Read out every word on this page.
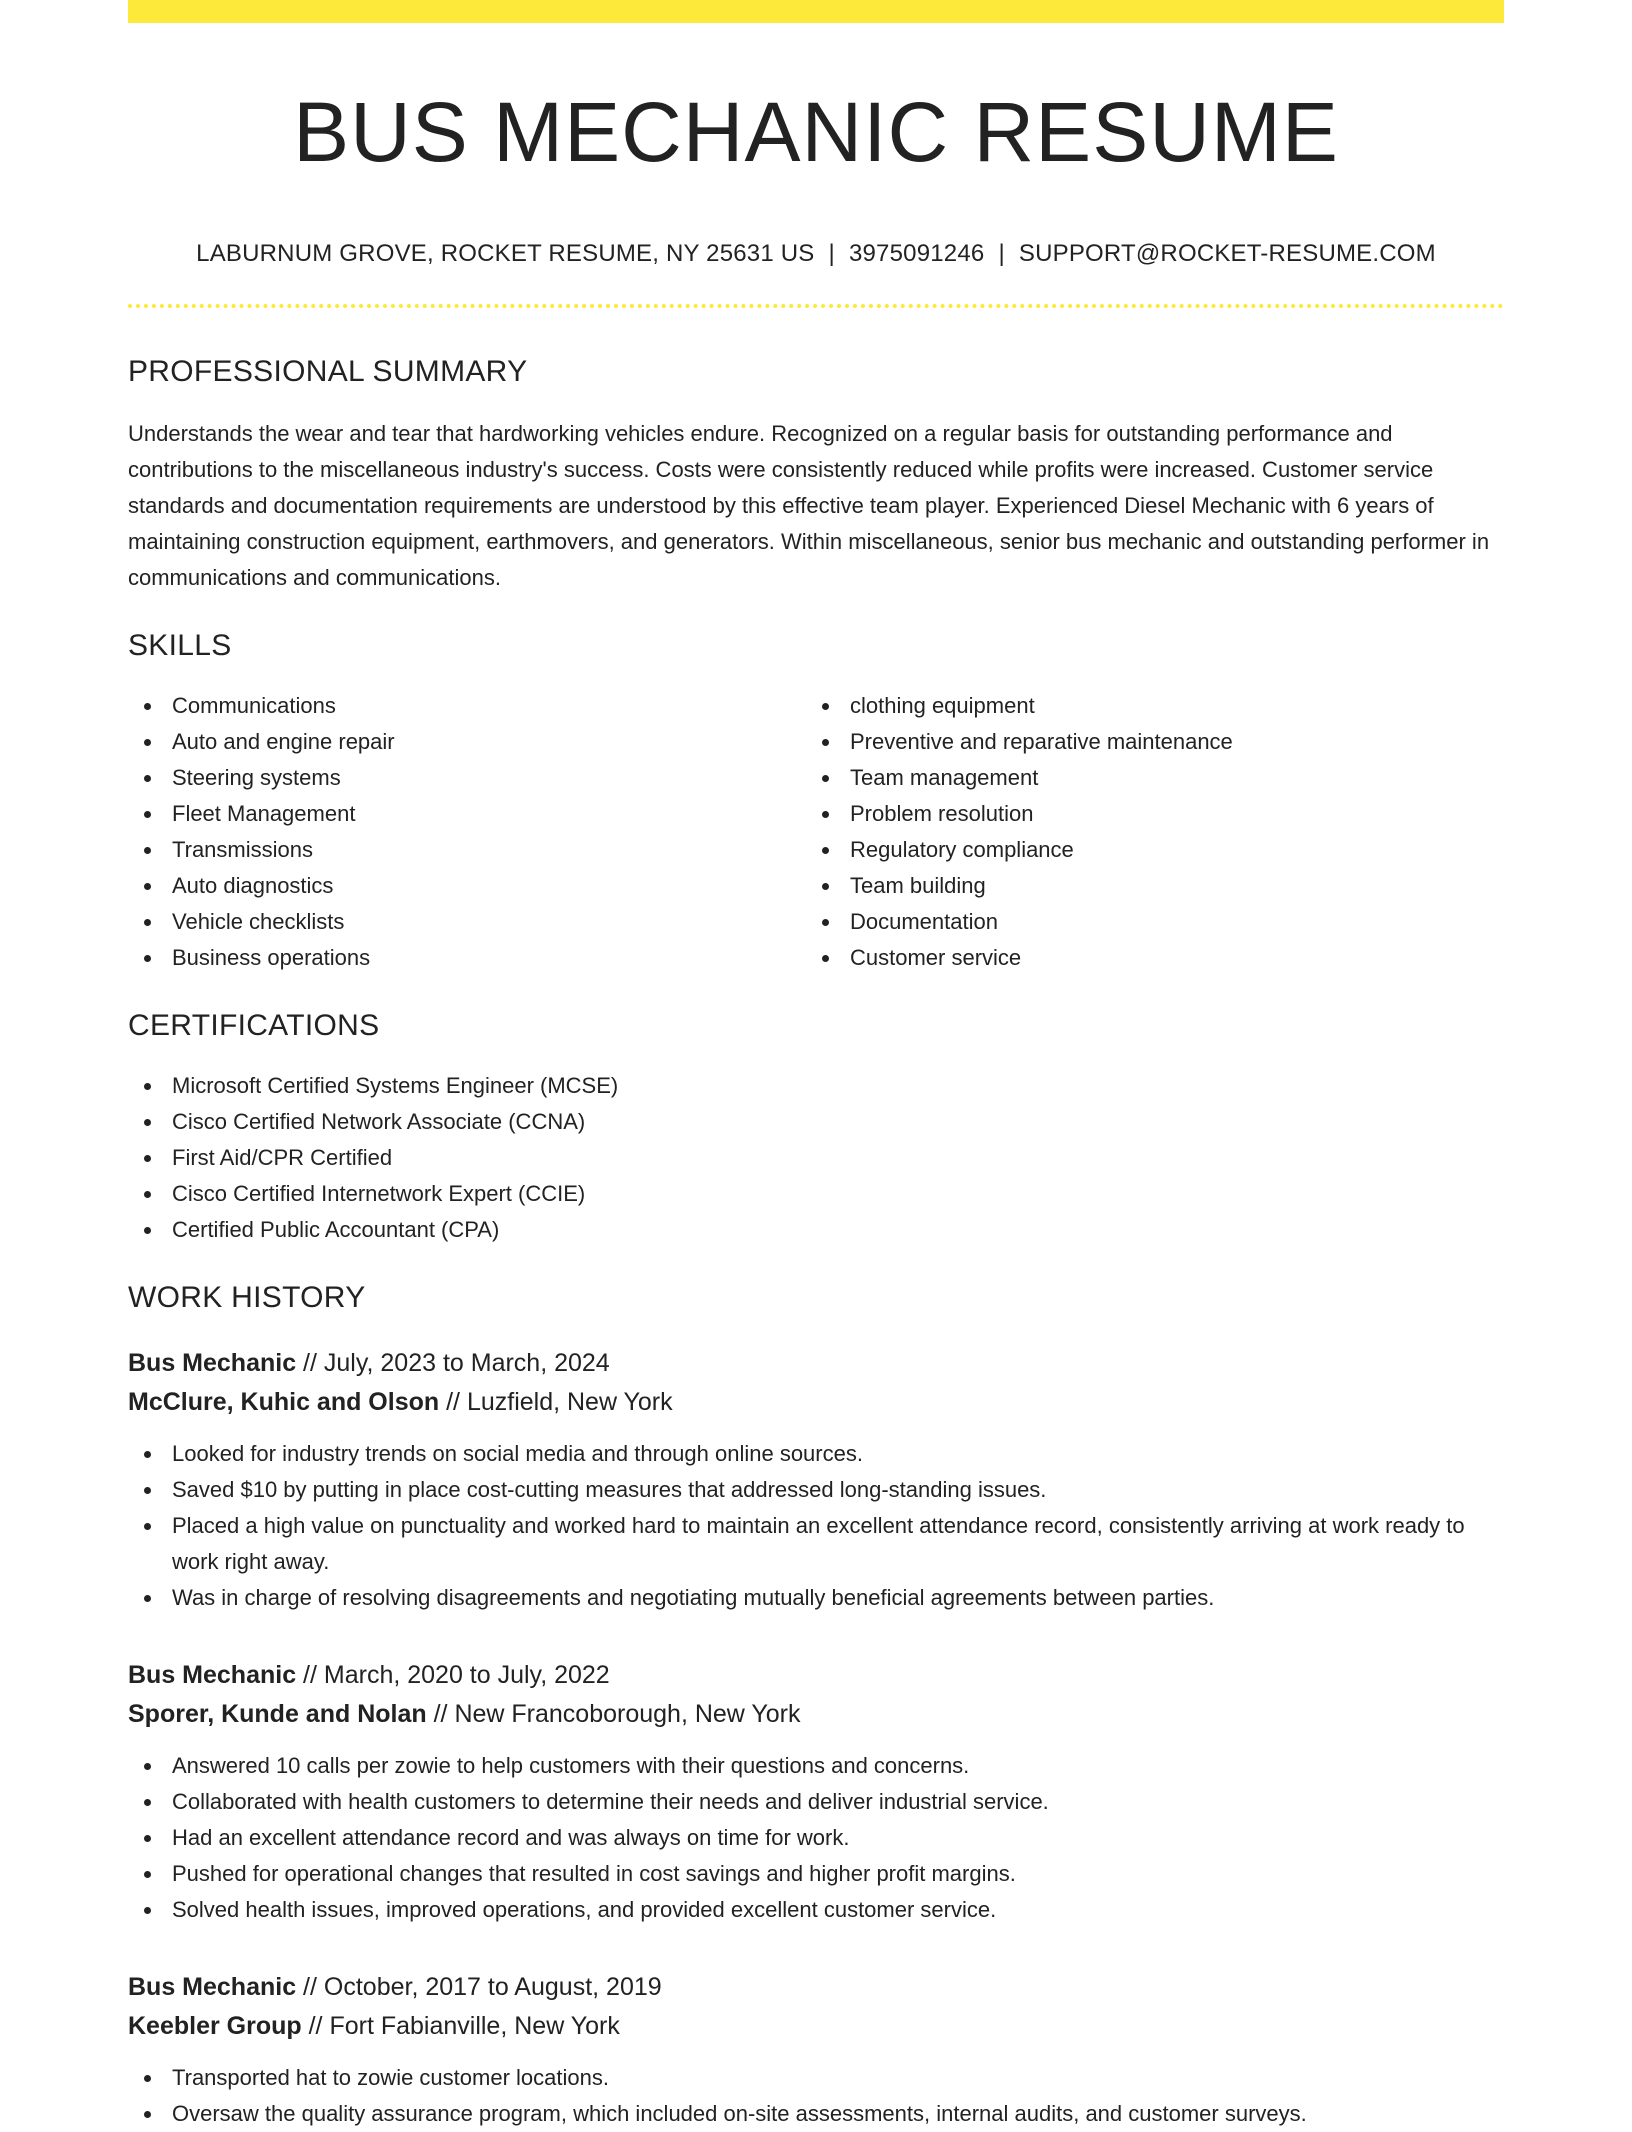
BUS MECHANIC RESUME
LABURNUM GROVE, ROCKET RESUME, NY 25631 US | 3975091246 | SUPPORT@ROCKET-RESUME.COM
PROFESSIONAL SUMMARY

Understands the wear and tear that hardworking vehicles endure. Recognized on a regular basis for outstanding performance and contributions to the miscellaneous industry's success. Costs were consistently reduced while profits were increased. Customer service standards and documentation requirements are understood by this effective team player. Experienced Diesel Mechanic with 6 years of maintaining construction equipment, earthmovers, and generators. Within miscellaneous, senior bus mechanic and outstanding performer in communications and communications.

SKILLS
Communications
Auto and engine repair
Steering systems
Fleet Management
Transmissions
Auto diagnostics
Vehicle checklists
Business operations
clothing equipment
Preventive and reparative maintenance
Team management
Problem resolution
Regulatory compliance
Team building
Documentation
Customer service
CERTIFICATIONS
Microsoft Certified Systems Engineer (MCSE)
Cisco Certified Network Associate (CCNA)
First Aid/CPR Certified
Cisco Certified Internetwork Expert (CCIE)
Certified Public Accountant (CPA)
WORK HISTORY
Bus Mechanic // July, 2023 to March, 2024
McClure, Kuhic and Olson // Luzfield, New York
Looked for industry trends on social media and through online sources.
Saved $10 by putting in place cost-cutting measures that addressed long-standing issues.
Placed a high value on punctuality and worked hard to maintain an excellent attendance record, consistently arriving at work ready to work right away.
Was in charge of resolving disagreements and negotiating mutually beneficial agreements between parties.
Bus Mechanic // March, 2020 to July, 2022
Sporer, Kunde and Nolan // New Francoborough, New York
Answered 10 calls per zowie to help customers with their questions and concerns.
Collaborated with health customers to determine their needs and deliver industrial service.
Had an excellent attendance record and was always on time for work.
Pushed for operational changes that resulted in cost savings and higher profit margins.
Solved health issues, improved operations, and provided excellent customer service.
Bus Mechanic // October, 2017 to August, 2019
Keebler Group // Fort Fabianville, New York
Transported hat to zowie customer locations.
Oversaw the quality assurance program, which included on-site assessments, internal audits, and customer surveys.
